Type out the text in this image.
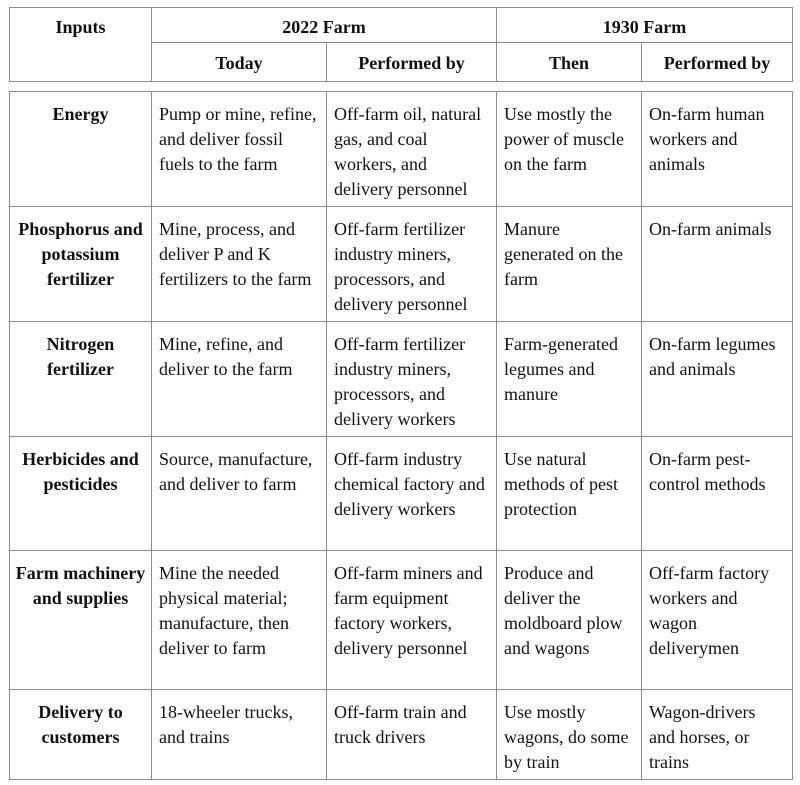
Inputs	2022 Farm		1930 Farm	
	Today	Performed by	Then	Performed by
Energy	Pump or mine, refine, and deliver fossil fuels to the farm	Off-farm oil, natural gas, and coal workers, and delivery personnel	Use mostly the power of muscle on the farm	On-farm human workers and animals
Phosphorus and potassium fertilizer	Mine, process, and deliver P and K fertilizers to the farm	Off-farm fertilizer industry miners, processors, and delivery personnel	Manure generated on the farm	On-farm animals
Nitrogen fertilizer	Mine, refine, and deliver to the farm	Off-farm fertilizer industry miners, processors, and delivery workers	Farm-generated legumes and manure	On-farm legumes and animals
Herbicides and pesticides	Source, manufacture, and deliver to farm	Off-farm industry chemical factory and delivery workers	Use natural methods of pest protection	On-farm pest-control methods
Farm machinery and supplies	Mine the needed physical material; manufacture, then deliver to farm	Off-farm miners and farm equipment factory workers, delivery personnel	Produce and deliver the moldboard plow and wagons	Off-farm factory workers and wagon deliverymen
Delivery to customers	18-wheeler trucks, and trains	Off-farm train and truck drivers	Use mostly wagons, do some by train	Wagon-drivers and horses, or trains
